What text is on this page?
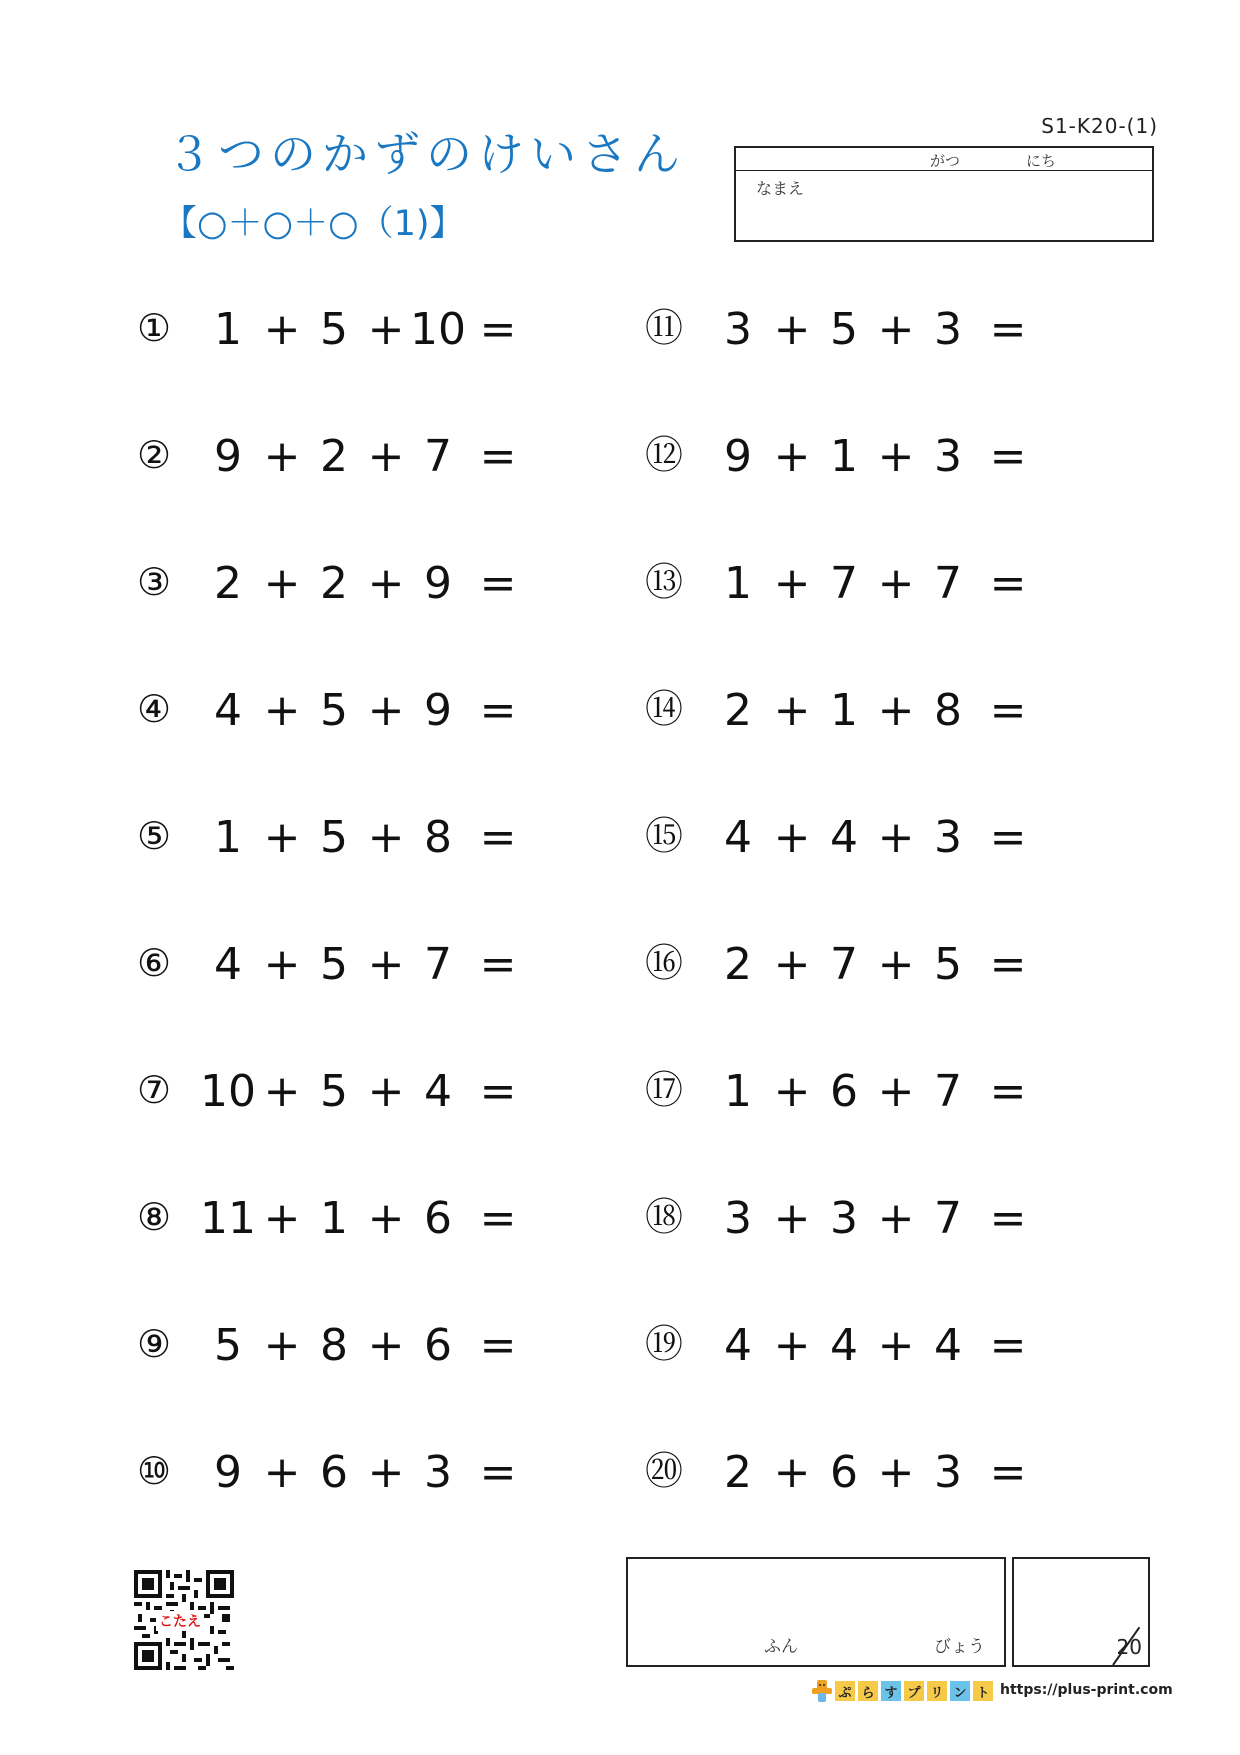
３つのかずのけいさん
【○＋○＋○（1)】
S1-K20-(1)
がつ	にち
なまえ
① 1 + 5 + 10 =
② 9 + 2 + 7 =
③ 2 + 2 + 9 =
④ 4 + 5 + 9 =
⑤ 1 + 5 + 8 =
⑥ 4 + 5 + 7 =
⑦ 10 + 5 + 4 =
⑧ 11 + 1 + 6 =
⑨ 5 + 8 + 6 =
⑩ 9 + 6 + 3 =
⑪ 3 + 5 + 3 =
⑫ 9 + 1 + 3 =
⑬ 1 + 7 + 7 =
⑭ 2 + 1 + 8 =
⑮ 4 + 4 + 3 =
⑯ 2 + 7 + 5 =
⑰ 1 + 6 + 7 =
⑱ 3 + 3 + 7 =
⑲ 4 + 4 + 4 =
⑳ 2 + 6 + 3 =
こたえ
ふん	びょう	20
ぷ ら す プ リ ン ト https://plus-print.com
